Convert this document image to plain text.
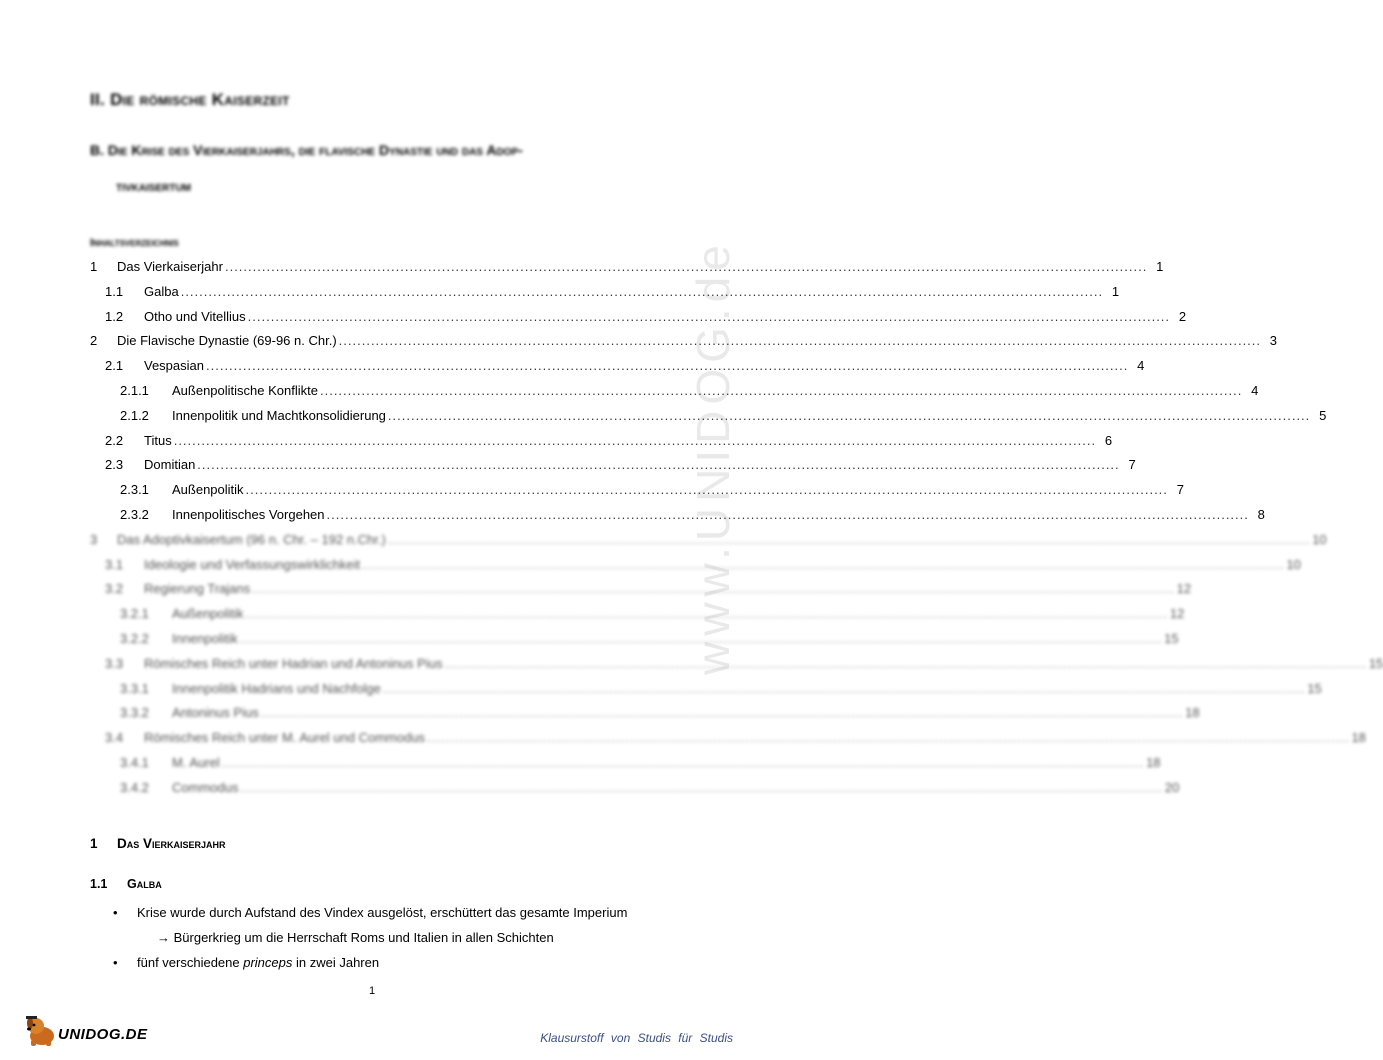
www.UNIDOG.de
II. Die römische Kaiserzeit
B. Die Krise des Vierkaiserjahrs, die flavische Dynastie und das Adop-
tivkaisertum
Inhaltsverzeichnis
1 Das Vierkaiserjahr ........................................................................................................................................................................................................ 1
1.1 Galba ........................................................................................................................................................................................................ 1
1.2 Otho und Vitellius ........................................................................................................................................................................................................ 2
2 Die Flavische Dynastie (69-96 n. Chr.) ........................................................................................................................................................................................................ 3
2.1 Vespasian ........................................................................................................................................................................................................ 4
2.1.1 Außenpolitische Konflikte ........................................................................................................................................................................................................ 4
2.1.2 Innenpolitik und Machtkonsolidierung ........................................................................................................................................................................................................ 5
2.2 Titus ........................................................................................................................................................................................................ 6
2.3 Domitian ........................................................................................................................................................................................................ 7
2.3.1 Außenpolitik ........................................................................................................................................................................................................ 7
2.3.2 Innenpolitisches Vorgehen ........................................................................................................................................................................................................ 8
3 Das Adoptivkaisertum (96 n. Chr. – 192 n.Chr.) ........................................................................................................................................................................................................ 10
3.1 Ideologie und Verfassungswirklichkeit ........................................................................................................................................................................................................ 10
3.2 Regierung Trajans ........................................................................................................................................................................................................ 12
3.2.1 Außenpolitik ........................................................................................................................................................................................................ 12
3.2.2 Innenpolitik ........................................................................................................................................................................................................ 15
3.3 Römisches Reich unter Hadrian und Antoninus Pius ........................................................................................................................................................................................................ 15
3.3.1 Innenpolitik Hadrians und Nachfolge ........................................................................................................................................................................................................ 15
3.3.2 Antoninus Pius ........................................................................................................................................................................................................ 18
3.4 Römisches Reich unter M. Aurel und Commodus ........................................................................................................................................................................................................ 18
3.4.1 M. Aurel ........................................................................................................................................................................................................ 18
3.4.2 Commodus ........................................................................................................................................................................................................ 20
1 Das Vierkaiserjahr
1.1 Galba
• Krise wurde durch Aufstand des Vindex ausgelöst, erschüttert das gesamte Imperium
→ Bürgerkrieg um die Herrschaft Roms und Italien in allen Schichten
• fünf verschiedene princeps in zwei Jahren
1
UNIDOG.DE	Klausurstoff von Studis für Studis
